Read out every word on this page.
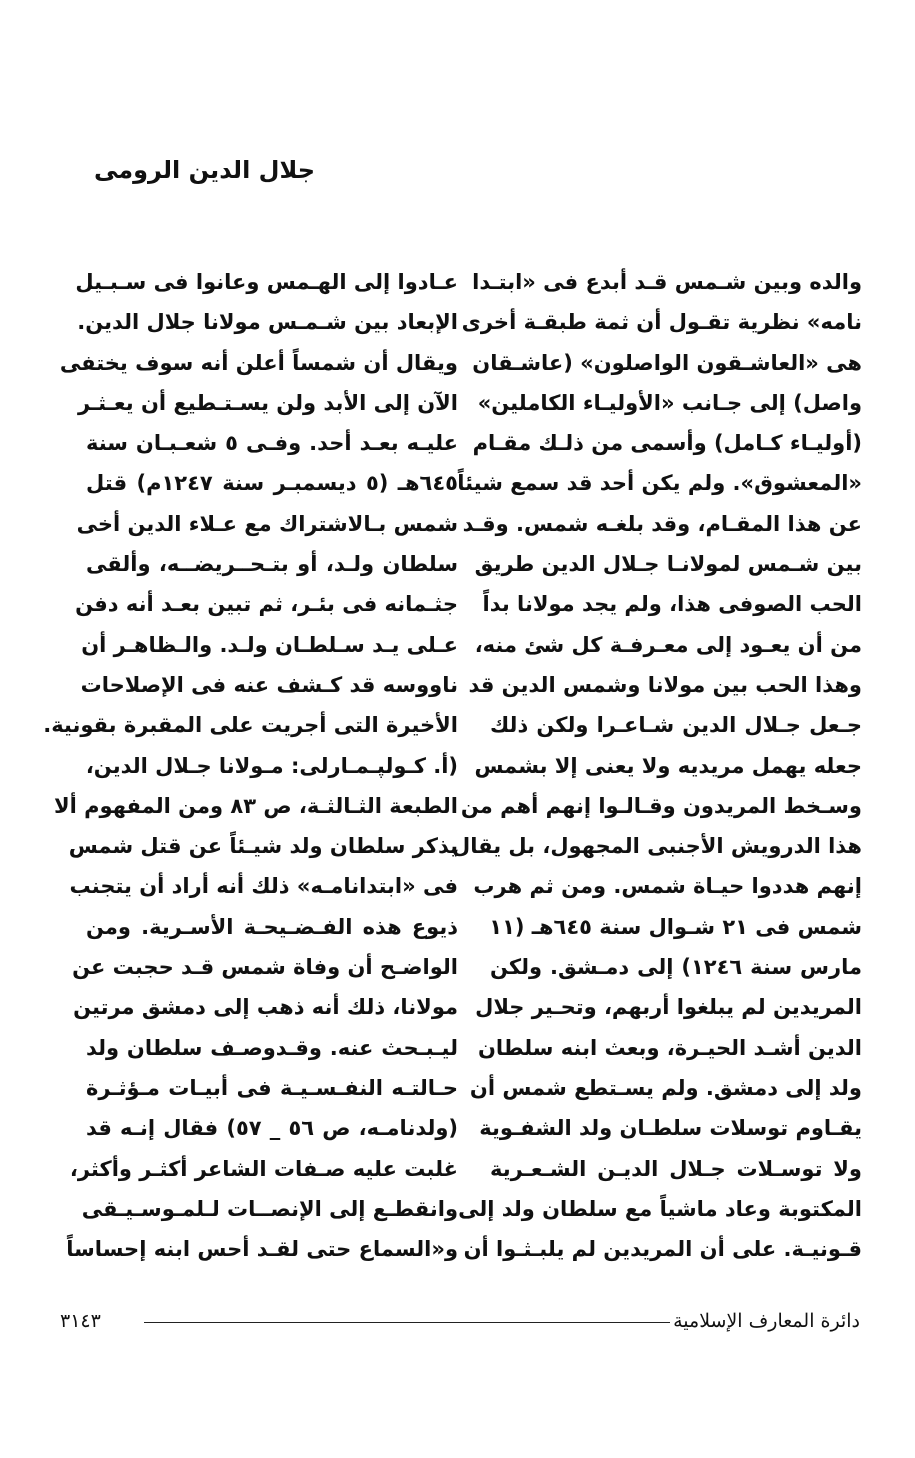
جلال الدين الرومى
والده وبين شـمس قـد أبدع فى «ابتـدا
نامه» نظرية تقـول أن ثمة طبقـة أخرى
هى «العاشـقون الواصلون» (عاشـقان
واصل) إلى جـانب «الأوليـاء الكاملين»
(أوليـاء كـامل) وأسمى من ذلـك مقـام
«المعشوق». ولم يكن أحد قد سمع شيئاً
عن هذا المقـام، وقد بلغـه شمس. وقـد
بين شـمس لمولانـا جـلال الدين طريق
الحب الصوفى هذا، ولم يجد مولانا بداً
من أن يعـود إلى معـرفـة كل شئ منه،
وهذا الحب بين مولانا وشمس الدين قد
جـعل جـلال الدين شـاعـرا ولكن ذلك
جعله يهمل مريديه ولا يعنى إلا بشمس
وسـخط المريدون وقـالـوا إنهم أهم من
هذا الدرويش الأجنبى المجهول، بل يقال
إنهم هددوا حيـاة شمس. ومن ثم هرب
شمس فى ٢١ شـوال سنة ٦٤٥هـ (١١
مارس سنة ١٢٤٦) إلى دمـشق. ولكن
المريدين لم يبلغوا أربهم، وتحـير جلال
الدين أشـد الحيـرة، وبعث ابنه سلطان
ولد إلى دمشق. ولم يسـتطع شمس أن
يقـاوم توسلات سلطـان ولد الشفـوية
ولا توسـلات جـلال الديـن الشـعـرية
المكتوبة وعاد ماشياً مع سلطان ولد إلى
قـونيـة. على أن المريدين لم يلبـثـوا أن
عـادوا إلى الهـمس وعانوا فى سـبـيل
الإبعاد بين شـمـس مولانا جلال الدين.
ويقال أن شمساً أعلن أنه سوف يختفى
الآن إلى الأبد ولن يسـتـطيع أن يعـثـر
عليـه بعـد أحد. وفـى ٥ شعـبـان سنة
٦٤٥هـ (٥ ديسمبـر سنة ١٢٤٧م) قتل
شمس بـالاشتراك مع عـلاء الدين أخى
سلطان ولـد، أو بتـحــريضــه، وألقى
جثـمانه فى بئـر، ثم تبين بعـد أنه دفن
عـلى يـد سـلطـان ولـد. والـظاهـر أن
ناووسه قد كـشف عنه فى الإصلاحات
الأخيرة التى أجريت على المقبرة بقونية.
(أ. كـولپـمـارلى: مـولانا جـلال الدين،
الطبعة الثـالثـة، ص ٨٣ ومن المفهوم ألا
يذكر سلطان ولد شيـئاً عن قتل شمس
فى «ابتدانامـه» ذلك أنه أراد أن يتجنب
ذيوع هذه الفـضـيحـة الأسـرية. ومن
الواضـح أن وفاة شمس قـد حجبت عن
مولانا، ذلك أنه ذهب إلى دمشق مرتين
ليـبـحث عنه. وقـدوصـف سلطان ولد
حـالتـه النفـسـيـة فى أبيـات مـؤثـرة
(ولدنامـه، ص ٥٦ _ ٥٧) فقال إنـه قد
غلبت عليه صـفات الشاعر أكثـر وأكثر،
وانقطـع إلى الإنصــات لـلمـوسـيـقى
و«السماع حتى لقـد أحس ابنه إحساساً
دائرة المعارف الإسلامية
٣١٤٣
